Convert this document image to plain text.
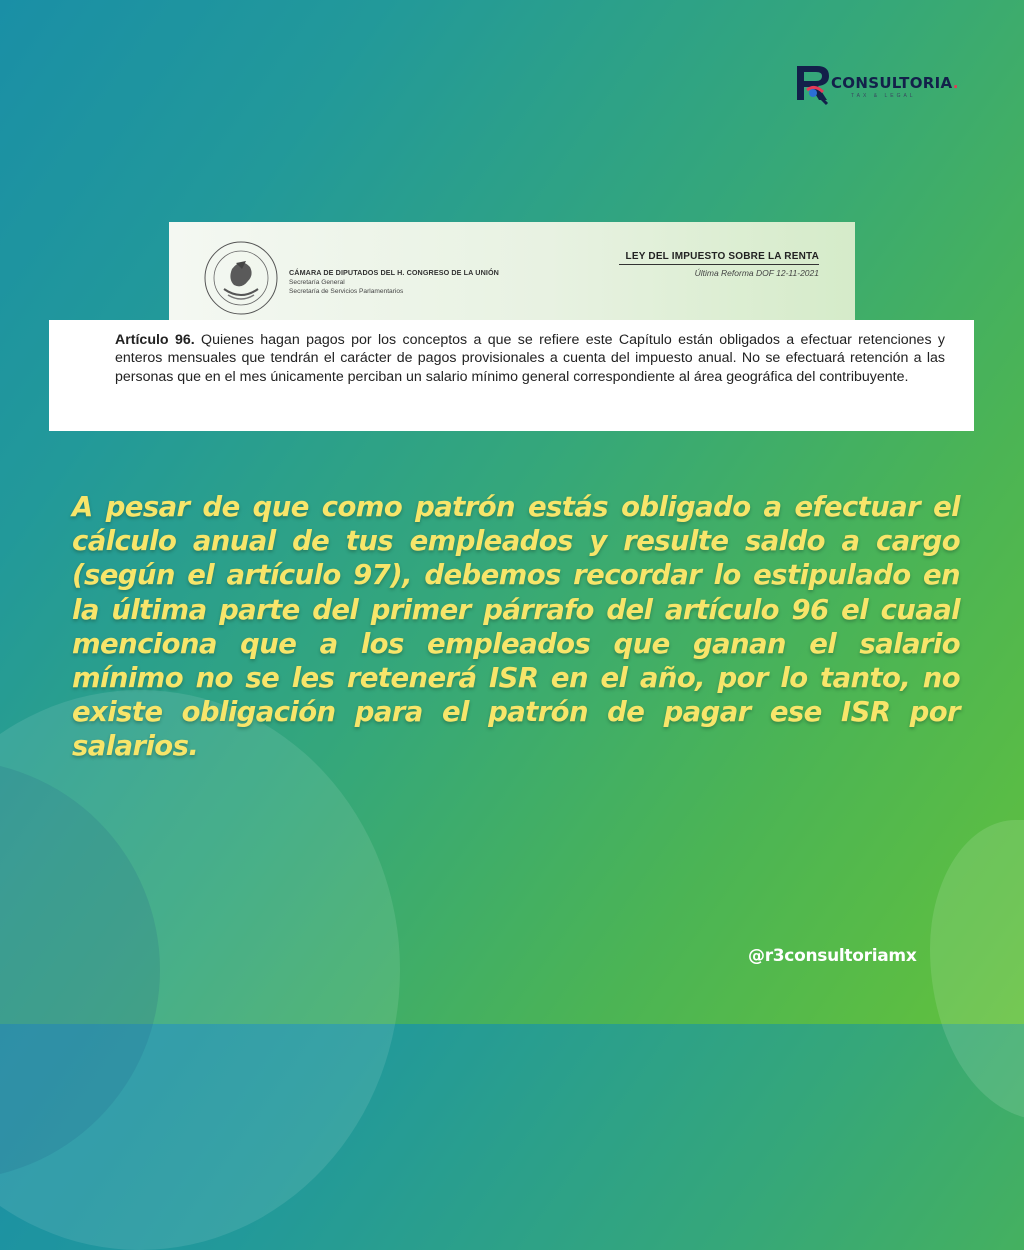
CONSULTORIA.
TAX & LEGAL
CÁMARA DE DIPUTADOS DEL H. CONGRESO DE LA UNIÓN
Secretaría General
Secretaría de Servicios Parlamentarios
LEY DEL IMPUESTO SOBRE LA RENTA
Última Reforma DOF 12-11-2021
Artículo 96. Quienes hagan pagos por los conceptos a que se refiere este Capítulo están obligados a efectuar retenciones y enteros mensuales que tendrán el carácter de pagos provisionales a cuenta del impuesto anual. No se efectuará retención a las personas que en el mes únicamente perciban un salario mínimo general correspondiente al área geográfica del contribuyente.
A pesar de que como patrón estás obligado a efectuar el cálculo anual de tus empleados y resulte saldo a cargo (según el artículo 97), debemos recordar lo estipulado en la última parte del primer párrafo del artículo 96 el cuaal menciona que a los empleados que ganan el salario mínimo no se les retenerá ISR en el año, por lo tanto, no existe obligación para el patrón de pagar ese ISR por salarios.
@r3consultoriamx
